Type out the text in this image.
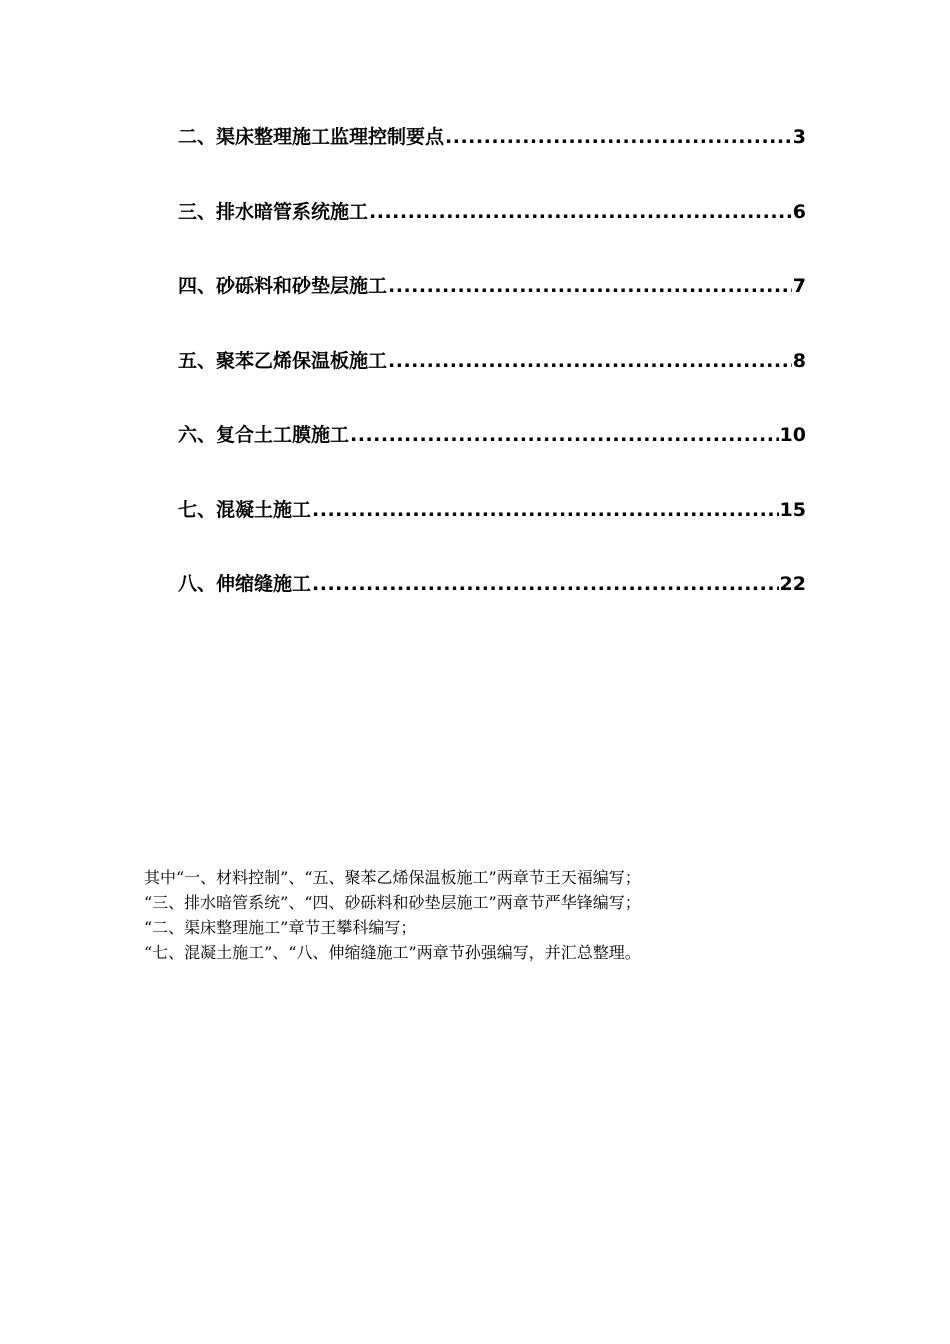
二、渠床整理施工监理控制要点 .....	3
三、排水暗管系统施工 .....	6
四、砂砾料和砂垫层施工 .....	7
五、聚苯乙烯保温板施工 .....	8
六、复合土工膜施工 .....	10
七、混凝土施工 .....	15
八、伸缩缝施工 .....	22
其中“一、材料控制”、“五、聚苯乙烯保温板施工”两章节王天福编写；
“三、排水暗管系统”、“四、砂砾料和砂垫层施工”两章节严华锋编写；
“二、渠床整理施工”章节王攀科编写；
“七、混凝土施工”、“八、伸缩缝施工”两章节孙强编写，并汇总整理。
